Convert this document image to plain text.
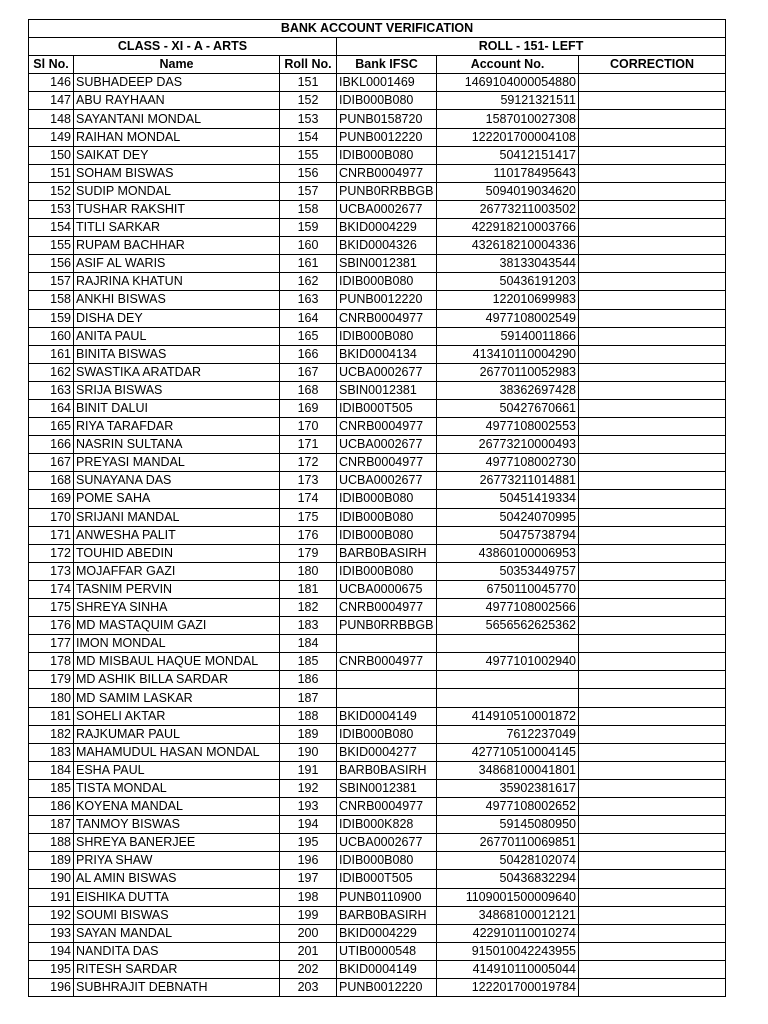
BANK ACCOUNT VERIFICATION					
CLASS - XI - A - ARTS			ROLL - 151- LEFT		
Sl No.	Name	Roll No.	Bank IFSC	Account No.	CORRECTION
146	SUBHADEEP DAS	151	IBKL0001469	1469104000054880	
147	ABU RAYHAAN	152	IDIB000B080	59121321511	
148	SAYANTANI MONDAL	153	PUNB0158720	1587010027308	
149	RAIHAN MONDAL	154	PUNB0012220	122201700004108	
150	SAIKAT DEY	155	IDIB000B080	50412151417	
151	SOHAM BISWAS	156	CNRB0004977	110178495643	
152	SUDIP MONDAL	157	PUNB0RRBBGB	5094019034620	
153	TUSHAR RAKSHIT	158	UCBA0002677	26773211003502	
154	TITLI SARKAR	159	BKID0004229	422918210003766	
155	RUPAM BACHHAR	160	BKID0004326	432618210004336	
156	ASIF AL WARIS	161	SBIN0012381	38133043544	
157	RAJRINA KHATUN	162	IDIB000B080	50436191203	
158	ANKHI BISWAS	163	PUNB0012220	122010699983	
159	DISHA DEY	164	CNRB0004977	4977108002549	
160	ANITA PAUL	165	IDIB000B080	59140011866	
161	BINITA BISWAS	166	BKID0004134	413410110004290	
162	SWASTIKA ARATDAR	167	UCBA0002677	26770110052983	
163	SRIJA BISWAS	168	SBIN0012381	38362697428	
164	BINIT DALUI	169	IDIB000T505	50427670661	
165	RIYA TARAFDAR	170	CNRB0004977	4977108002553	
166	NASRIN SULTANA	171	UCBA0002677	26773210000493	
167	PREYASI MANDAL	172	CNRB0004977	4977108002730	
168	SUNAYANA DAS	173	UCBA0002677	26773211014881	
169	POME SAHA	174	IDIB000B080	50451419334	
170	SRIJANI MANDAL	175	IDIB000B080	50424070995	
171	ANWESHA PALIT	176	IDIB000B080	50475738794	
172	TOUHID ABEDIN	179	BARB0BASIRH	43860100006953	
173	MOJAFFAR GAZI	180	IDIB000B080	50353449757	
174	TASNIM PERVIN	181	UCBA0000675	6750110045770	
175	SHREYA SINHA	182	CNRB0004977	4977108002566	
176	MD MASTAQUIM GAZI	183	PUNB0RRBBGB	5656562625362	
177	IMON MONDAL	184			
178	MD MISBAUL HAQUE MONDAL	185	CNRB0004977	4977101002940	
179	MD ASHIK BILLA SARDAR	186			
180	MD SAMIM LASKAR	187			
181	SOHELI AKTAR	188	BKID0004149	414910510001872	
182	RAJKUMAR PAUL	189	IDIB000B080	7612237049	
183	MAHAMUDUL HASAN MONDAL	190	BKID0004277	427710510004145	
184	ESHA PAUL	191	BARB0BASIRH	34868100041801	
185	TISTA MONDAL	192	SBIN0012381	35902381617	
186	KOYENA MANDAL	193	CNRB0004977	4977108002652	
187	TANMOY BISWAS	194	IDIB000K828	59145080950	
188	SHREYA BANERJEE	195	UCBA0002677	26770110069851	
189	PRIYA SHAW	196	IDIB000B080	50428102074	
190	AL AMIN BISWAS	197	IDIB000T505	50436832294	
191	EISHIKA DUTTA	198	PUNB0110900	1109001500009640	
192	SOUMI BISWAS	199	BARB0BASIRH	34868100012121	
193	SAYAN MANDAL	200	BKID0004229	422910110010274	
194	NANDITA DAS	201	UTIB0000548	915010042243955	
195	RITESH SARDAR	202	BKID0004149	414910110005044	
196	SUBHRAJIT DEBNATH	203	PUNB0012220	122201700019784	
